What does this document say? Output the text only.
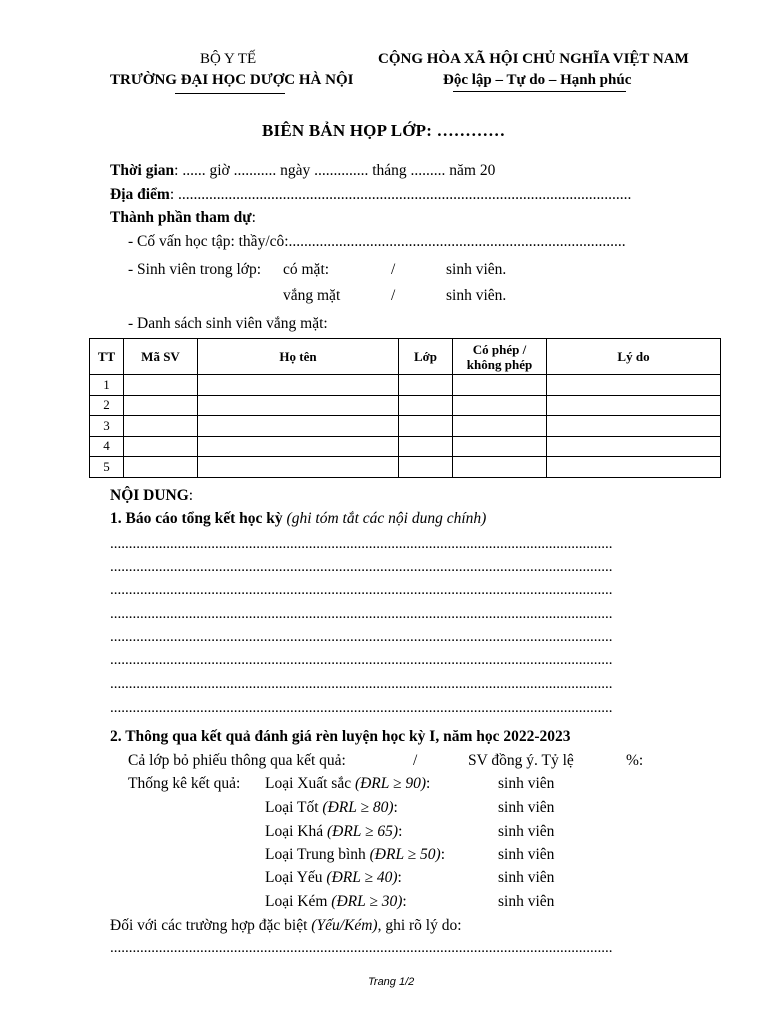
BỘ Y TẾ
TRƯỜNG ĐẠI HỌC DƯỢC HÀ NỘI
CỘNG HÒA XÃ HỘI CHỦ NGHĨA VIỆT NAM
Độc lập – Tự do – Hạnh phúc
BIÊN BẢN HỌP LỚP: …………
Thời gian: ...... giờ ........... ngày .............. tháng ......... năm 20
Địa điểm: .....................................................................................................................
Thành phần tham dự:
- Cố vấn học tập: thầy/cô:.......................................................................................
- Sinh viên trong lớp: có mặt:	/	sinh viên.
vắng mặt	/	sinh viên.
- Danh sách sinh viên vắng mặt:
TT	Mã SV	Họ tên	Lớp	Có phép /
không phép	Lý do
1					
2					
3					
4					
5					
NỘI DUNG:
1. Báo cáo tổng kết học kỳ (ghi tóm tắt các nội dung chính)
......................................................................................................................................
......................................................................................................................................
......................................................................................................................................
......................................................................................................................................
......................................................................................................................................
......................................................................................................................................
......................................................................................................................................
......................................................................................................................................
2. Thông qua kết quả đánh giá rèn luyện học kỳ I, năm học 2022-2023
Cả lớp bỏ phiếu thông qua kết quả:	/	SV đồng ý. Tỷ lệ	%:
Thống kê kết quả: Loại Xuất sắc (ĐRL ≥ 90):	sinh viên
Loại Tốt (ĐRL ≥ 80):	sinh viên
Loại Khá (ĐRL ≥ 65):	sinh viên
Loại Trung bình (ĐRL ≥ 50):	sinh viên
Loại Yếu (ĐRL ≥ 40):	sinh viên
Loại Kém (ĐRL ≥ 30):	sinh viên
Đối với các trường hợp đặc biệt (Yếu/Kém), ghi rõ lý do:
......................................................................................................................................
Trang 1/2
